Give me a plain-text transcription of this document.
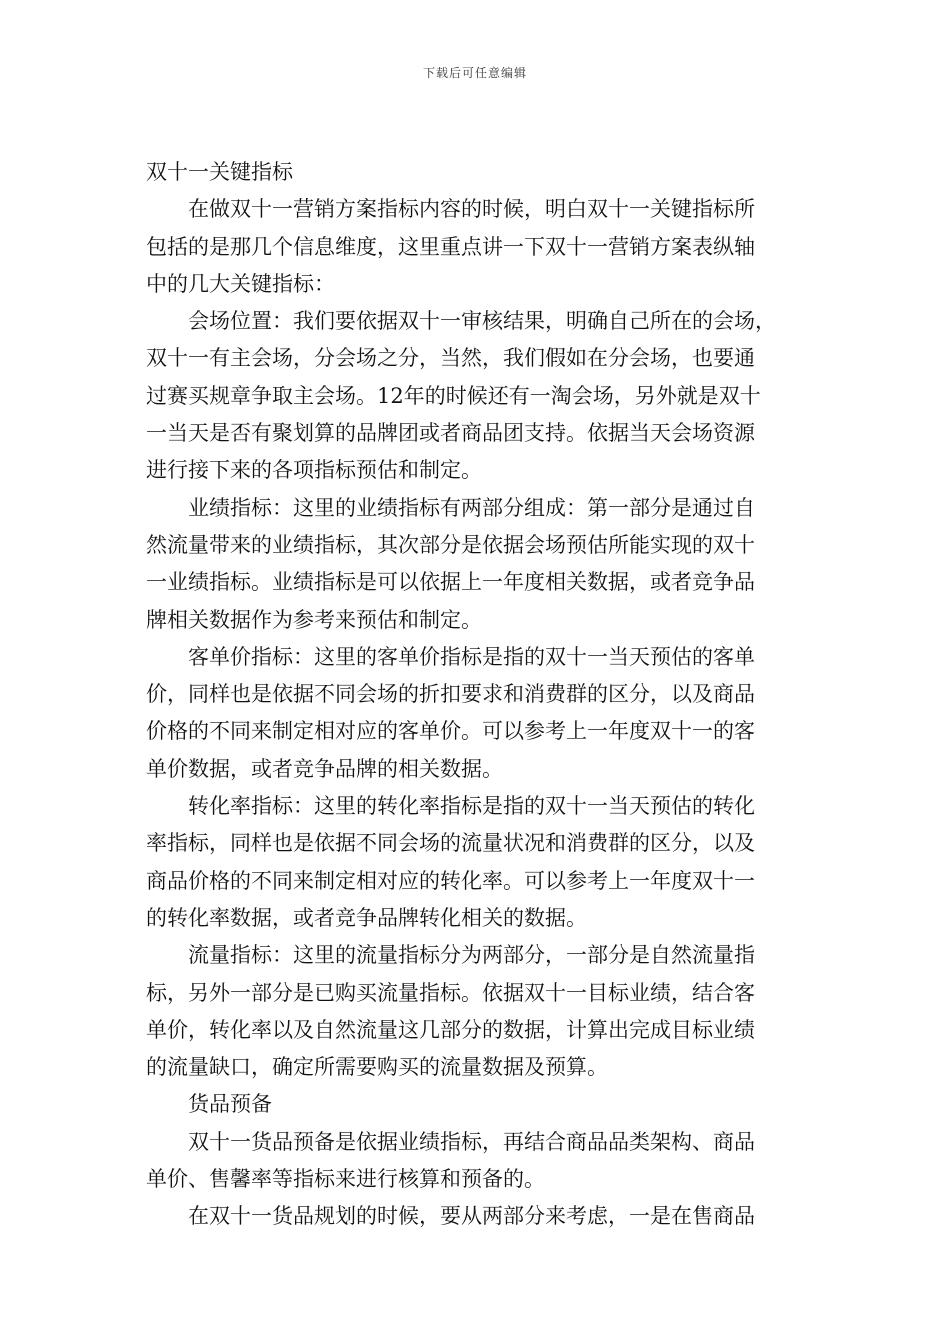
下载后可任意编辑
双十一关键指标
在做双十一营销方案指标内容的时候，明白双十一关键指标所
包括的是那几个信息维度，这里重点讲一下双十一营销方案表纵轴
中的几大关键指标：
会场位置：我们要依据双十一审核结果，明确自己所在的会场，
双十一有主会场，分会场之分，当然，我们假如在分会场，也要通
过赛买规章争取主会场。12年的时候还有一淘会场，另外就是双十
一当天是否有聚划算的品牌团或者商品团支持。依据当天会场资源
进行接下来的各项指标预估和制定。
业绩指标：这里的业绩指标有两部分组成：第一部分是通过自
然流量带来的业绩指标，其次部分是依据会场预估所能实现的双十
一业绩指标。业绩指标是可以依据上一年度相关数据，或者竞争品
牌相关数据作为参考来预估和制定。
客单价指标：这里的客单价指标是指的双十一当天预估的客单
价，同样也是依据不同会场的折扣要求和消费群的区分，以及商品
价格的不同来制定相对应的客单价。可以参考上一年度双十一的客
单价数据，或者竞争品牌的相关数据。
转化率指标：这里的转化率指标是指的双十一当天预估的转化
率指标，同样也是依据不同会场的流量状况和消费群的区分，以及
商品价格的不同来制定相对应的转化率。可以参考上一年度双十一
的转化率数据，或者竞争品牌转化相关的数据。
流量指标：这里的流量指标分为两部分，一部分是自然流量指
标，另外一部分是已购买流量指标。依据双十一目标业绩，结合客
单价，转化率以及自然流量这几部分的数据，计算出完成目标业绩
的流量缺口，确定所需要购买的流量数据及预算。
货品预备
双十一货品预备是依据业绩指标，再结合商品品类架构、商品
单价、售馨率等指标来进行核算和预备的。
在双十一货品规划的时候，要从两部分来考虑，一是在售商品
